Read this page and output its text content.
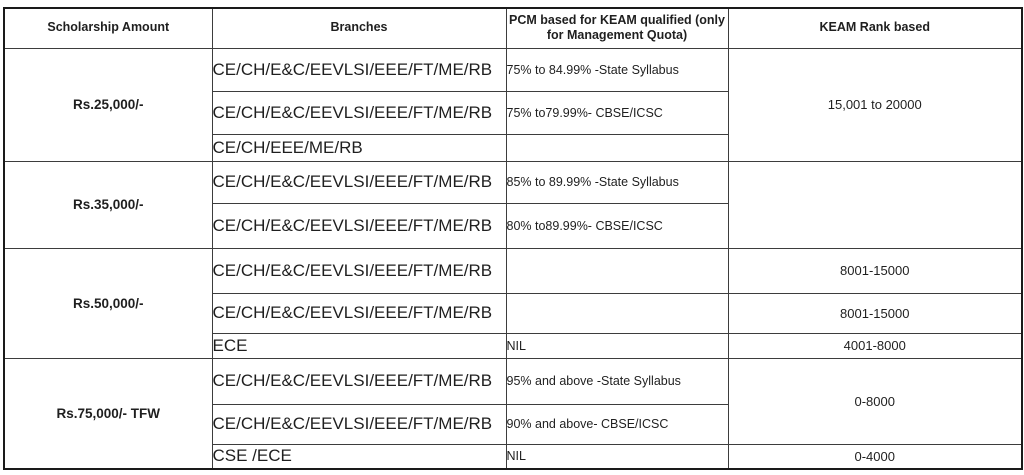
Scholarship Amount	Branches	PCM based for KEAM qualified (only for Management Quota)	KEAM Rank based
Rs.25,000/-	CE/CH/E&C/EEVLSI/EEE/FT/ME/RB	75% to 84.99% -State Syllabus	15,001 to 20000
	CE/CH/E&C/EEVLSI/EEE/FT/ME/RB	75% to79.99%- CBSE/ICSC	
	CE/CH/EEE/ME/RB		
Rs.35,000/-	CE/CH/E&C/EEVLSI/EEE/FT/ME/RB	85% to 89.99% -State Syllabus	
	CE/CH/E&C/EEVLSI/EEE/FT/ME/RB	80% to89.99%- CBSE/ICSC	
Rs.50,000/-	CE/CH/E&C/EEVLSI/EEE/FT/ME/RB		8001-15000
	CE/CH/E&C/EEVLSI/EEE/FT/ME/RB		8001-15000
	ECE	NIL	4001-8000
Rs.75,000/- TFW	CE/CH/E&C/EEVLSI/EEE/FT/ME/RB	95% and above -State Syllabus	0-8000
	CE/CH/E&C/EEVLSI/EEE/FT/ME/RB	90% and above- CBSE/ICSC	
	CSE /ECE	NIL	0-4000
